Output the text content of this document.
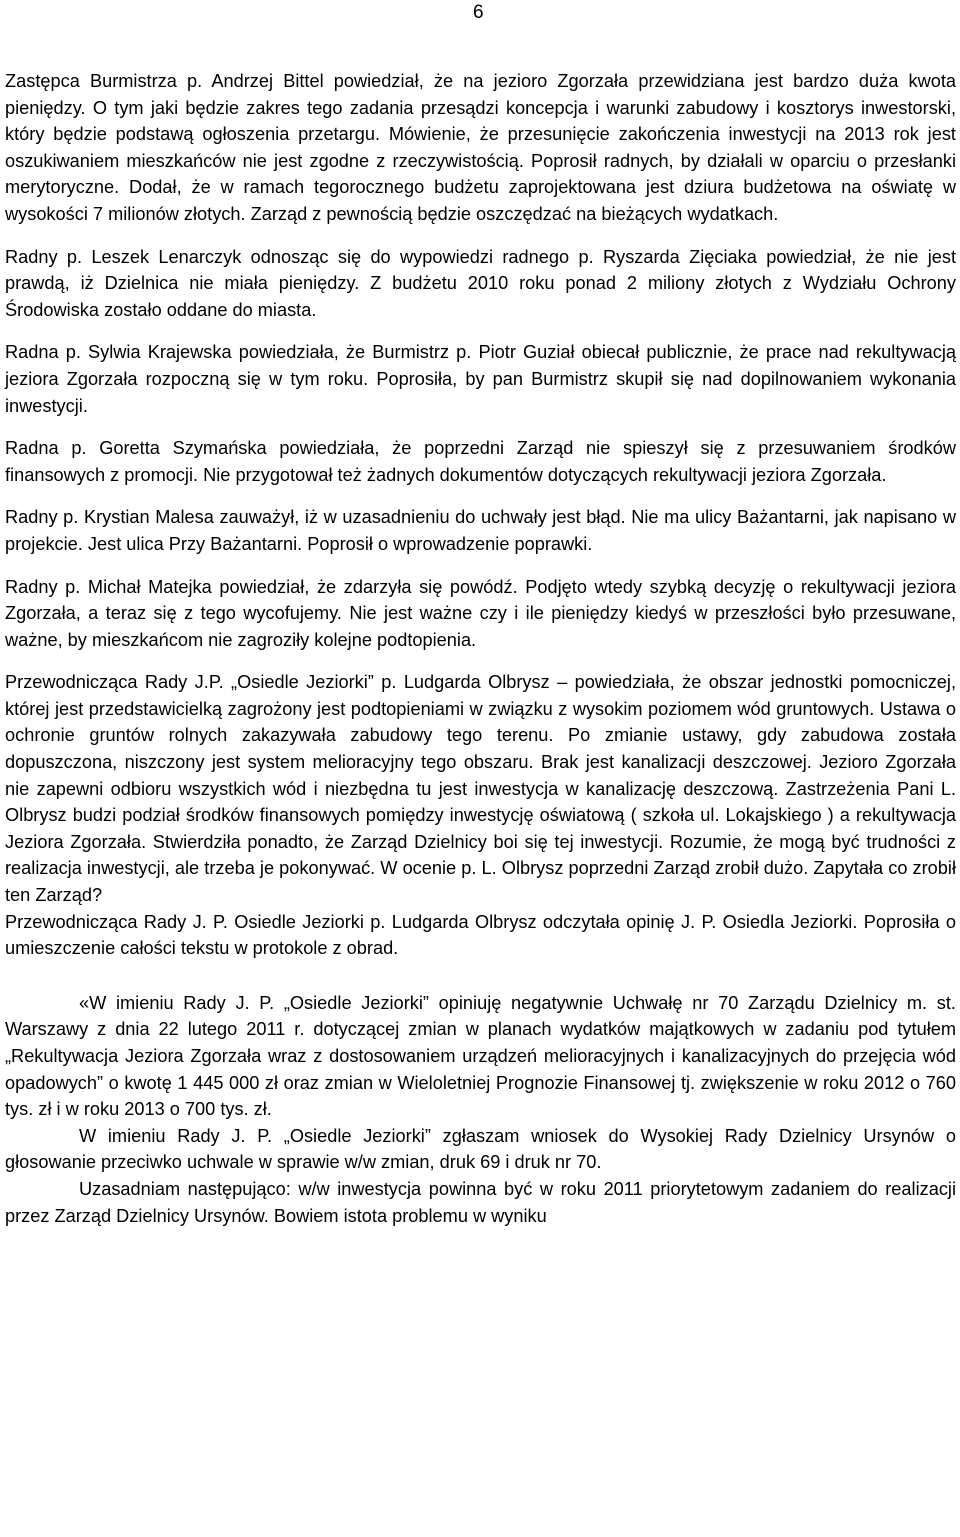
6

Zastępca Burmistrza p. Andrzej Bittel powiedział, że na jezioro Zgorzała przewidziana jest bardzo duża kwota pieniędzy. O tym jaki będzie zakres tego zadania przesądzi koncepcja i warunki zabudowy i kosztorys inwestorski, który będzie podstawą ogłoszenia przetargu. Mówienie, że przesunięcie zakończenia inwestycji na 2013 rok jest oszukiwaniem mieszkańców nie jest zgodne z rzeczywistością. Poprosił radnych, by działali w oparciu o przesłanki merytoryczne. Dodał, że w ramach tegorocznego budżetu zaprojektowana jest dziura budżetowa na oświatę w wysokości 7 milionów złotych. Zarząd z pewnością będzie oszczędzać na bieżących wydatkach.

Radny p. Leszek Lenarczyk odnosząc się do wypowiedzi radnego p. Ryszarda Zięciaka powiedział, że nie jest prawdą, iż Dzielnica nie miała pieniędzy. Z budżetu 2010 roku ponad 2 miliony złotych z Wydziału Ochrony Środowiska zostało oddane do miasta.

Radna p. Sylwia Krajewska powiedziała, że Burmistrz p. Piotr Guział obiecał publicznie, że prace nad rekultywacją jeziora Zgorzała rozpoczną się w tym roku. Poprosiła, by pan Burmistrz skupił się nad dopilnowaniem wykonania inwestycji.

Radna p. Goretta Szymańska powiedziała, że poprzedni Zarząd nie spieszył się z przesuwaniem środków finansowych z promocji. Nie przygotował też żadnych dokumentów dotyczących rekultywacji jeziora Zgorzała.

Radny p. Krystian Malesa zauważył, iż w uzasadnieniu do uchwały jest błąd. Nie ma ulicy Bażantarni, jak napisano w projekcie. Jest ulica Przy Bażantarni. Poprosił o wprowadzenie poprawki.

Radny p. Michał Matejka powiedział, że zdarzyła się powódź. Podjęto wtedy szybką decyzję o rekultywacji jeziora Zgorzała, a teraz się z tego wycofujemy. Nie jest ważne czy i ile pieniędzy kiedyś w przeszłości było przesuwane, ważne, by mieszkańcom nie zagroziły kolejne podtopienia.

Przewodnicząca Rady J.P. „Osiedle Jeziorki” p. Ludgarda Olbrysz – powiedziała, że obszar jednostki pomocniczej, której jest przedstawicielką zagrożony jest podtopieniami w związku z wysokim poziomem wód gruntowych. Ustawa o ochronie gruntów rolnych zakazywała zabudowy tego terenu. Po zmianie ustawy, gdy zabudowa została dopuszczona, niszczony jest system melioracyjny tego obszaru. Brak jest kanalizacji deszczowej. Jezioro Zgorzała nie zapewni odbioru wszystkich wód i niezbędna tu jest inwestycja w kanalizację deszczową. Zastrzeżenia Pani L. Olbrysz budzi podział środków finansowych pomiędzy inwestycję oświatową ( szkoła ul. Lokajskiego ) a rekultywacja Jeziora Zgorzała. Stwierdziła ponadto, że Zarząd Dzielnicy boi się tej inwestycji. Rozumie, że mogą być trudności z realizacja inwestycji, ale trzeba je pokonywać. W ocenie p. L. Olbrysz poprzedni Zarząd zrobił dużo. Zapytała co zrobił ten Zarząd?

Przewodnicząca Rady J. P. Osiedle Jeziorki p. Ludgarda Olbrysz odczytała opinię J. P. Osiedla Jeziorki. Poprosiła o umieszczenie całości tekstu w protokole z obrad.

«W imieniu Rady J. P. „Osiedle Jeziorki” opiniuję negatywnie Uchwałę nr 70 Zarządu Dzielnicy m. st. Warszawy z dnia 22 lutego 2011 r. dotyczącej zmian w planach wydatków majątkowych w zadaniu pod tytułem „Rekultywacja Jeziora Zgorzała wraz z dostosowaniem urządzeń melioracyjnych i kanalizacyjnych do przejęcia wód opadowych” o kwotę 1 445 000 zł oraz zmian w Wieloletniej Prognozie Finansowej tj. zwiększenie w roku 2012 o 760 tys. zł i w roku 2013 o 700 tys. zł.

W imieniu Rady J. P. „Osiedle Jeziorki” zgłaszam wniosek do Wysokiej Rady Dzielnicy Ursynów o głosowanie przeciwko uchwale w sprawie w/w zmian, druk 69 i druk nr 70.

Uzasadniam następująco: w/w inwestycja powinna być w roku 2011 priorytetowym zadaniem do realizacji przez Zarząd Dzielnicy Ursynów. Bowiem istota problemu w wyniku
